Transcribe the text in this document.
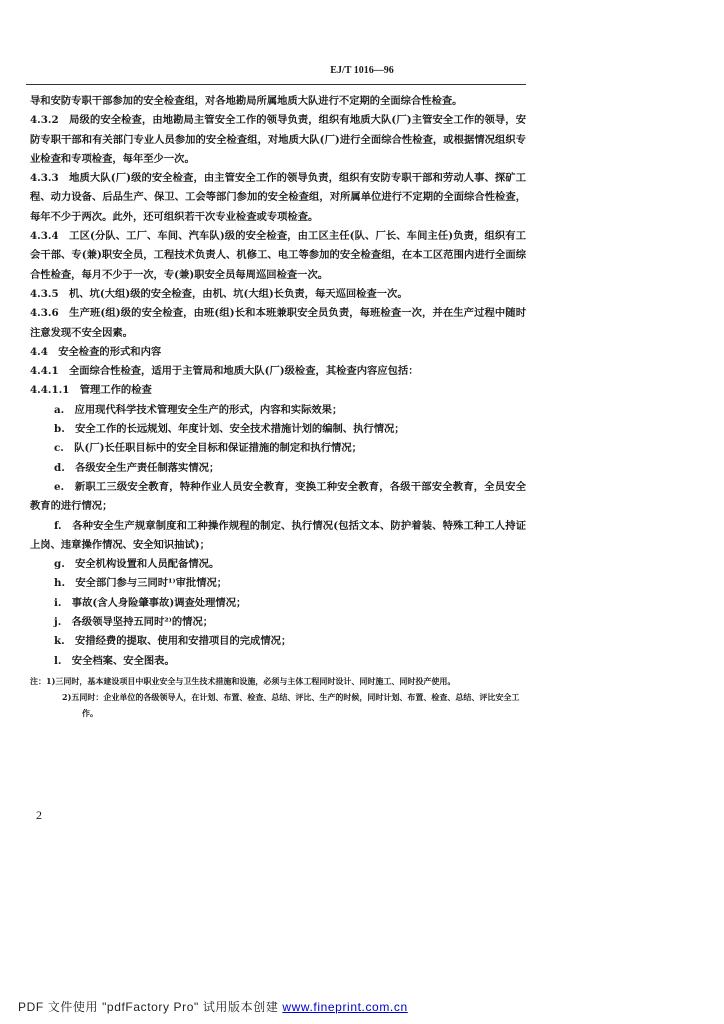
EJ/T 1016—96

导和安防专职干部参加的安全检查组，对各地勘局所属地质大队进行不定期的全面综合性检查。

4.3.2　局级的安全检查，由地勘局主管安全工作的领导负责，组织有地质大队(厂)主管安全工作的领导，安防专职干部和有关部门专业人员参加的安全检查组，对地质大队(厂)进行全面综合性检查，或根据情况组织专业检查和专项检查，每年至少一次。

4.3.3　地质大队(厂)级的安全检查，由主管安全工作的领导负责，组织有安防专职干部和劳动人事、探矿工程、动力设备、后品生产、保卫、工会等部门参加的安全检查组，对所属单位进行不定期的全面综合性检查，每年不少于两次。此外，还可组织若干次专业检查或专项检查。

4.3.4　工区(分队、工厂、车间、汽车队)级的安全检查，由工区主任(队、厂长、车间主任)负责，组织有工会干部、专(兼)职安全员，工程技术负责人、机修工、电工等参加的安全检查组，在本工区范围内进行全面综合性检查，每月不少于一次，专(兼)职安全员每周巡回检查一次。

4.3.5　机、坑(大组)级的安全检查，由机、坑(大组)长负责，每天巡回检查一次。

4.3.6　生产班(组)级的安全检查，由班(组)长和本班兼职安全员负责，每班检查一次，并在生产过程中随时注意发现不安全因素。

4.4　安全检查的形式和内容

4.4.1　全面综合性检查，适用于主管局和地质大队(厂)级检查，其检查内容应包括：

4.4.1.1　管理工作的检查

a.　应用现代科学技术管理安全生产的形式，内容和实际效果；

b.　安全工作的长远规划、年度计划、安全技术措施计划的编制、执行情况；

c.　队(厂)长任职目标中的安全目标和保证措施的制定和执行情况；

d.　各级安全生产责任制落实情况；

e.　新职工三级安全教育，特种作业人员安全教育，变换工种安全教育，各级干部安全教育，全员安全教育的进行情况；

f.　各种安全生产规章制度和工种操作规程的制定、执行情况(包括文本、防护着装、特殊工种工人持证上岗、违章操作情况、安全知识抽试)；

g.　安全机构设置和人员配备情况。

h.　安全部门参与三同时¹⁾审批情况；

i.　事故(含人身险肇事故)调查处理情况；

j.　各级领导坚持五同时²⁾的情况；

k.　安措经费的提取、使用和安措项目的完成情况；

l.　安全档案、安全图表。

注：1)三同时，基本建设项目中职业安全与卫生技术措施和设施，必须与主体工程同时设计、同时施工、同时投产使用。

2)五同时：企业单位的各级领导人，在计划、布置、检查、总结、评比、生产的时候，同时计划、布置、检查、总结、评比安全工作。

2
PDF 文件使用 "pdfFactory Pro" 试用版本创建 www.fineprint.com.cn
